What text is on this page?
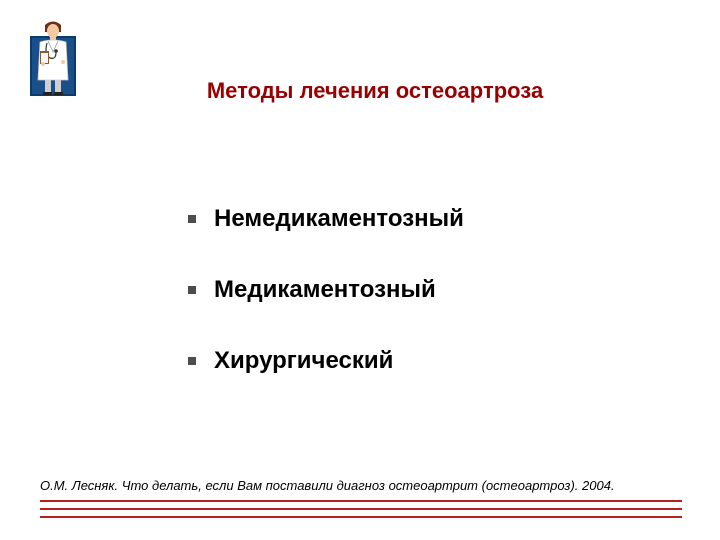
Методы лечения остеоартроза
Немедикаментозный
Медикаментозный
Хирургический
О.М. Лесняк. Что делать, если Вам поставили диагноз остеоартрит (остеоартроз). 2004.
